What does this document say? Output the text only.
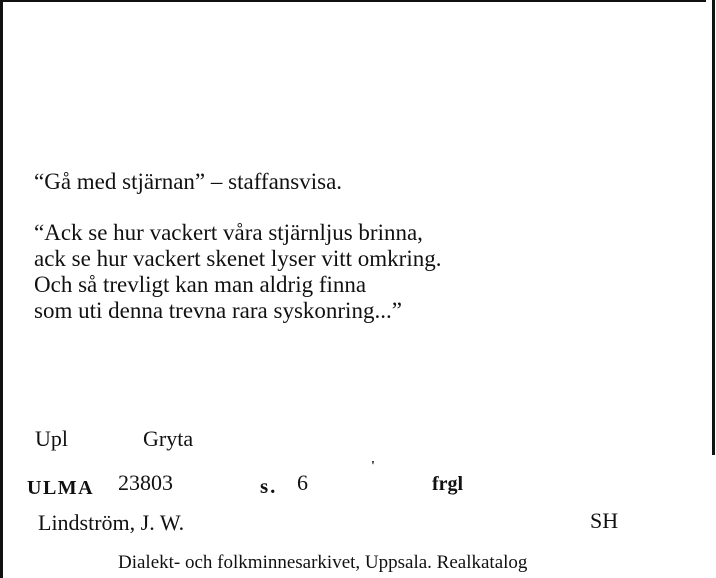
“Gå med stjärnan” – staffansvisa.
“Ack se hur vackert våra stjärnljus brinna,
ack se hur vackert skenet lyser vitt omkring.
Och så trevligt kan man aldrig finna
som uti denna trevna rara syskonring...”
Upl	Gryta
ULMA 23803	s. 6
'
frgl
Lindström, J. W.	SH
Dialekt- och folkminnesarkivet, Uppsala. Realkatalog
